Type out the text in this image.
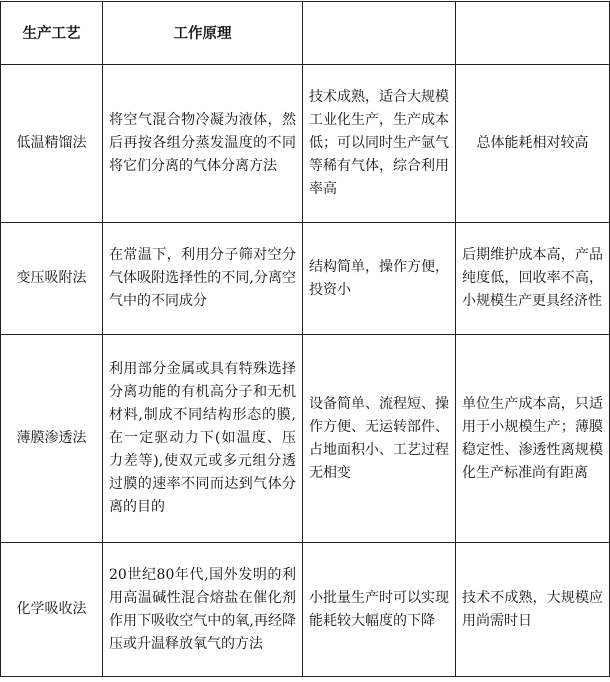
生产工艺	工作原理		
低温精馏法	将空气混合物冷凝为液体，然后再按各组分蒸发温度的不同将它们分离的气体分离方法	技术成熟，适合大规模工业化生产，生产成本低；可以同时生产氩气等稀有气体，综合利用率高	总体能耗相对较高
变压吸附法	在常温下，利用分子筛对空分气体吸附选择性的不同,分离空气中的不同成分	结构简单，操作方便，投资小	后期维护成本高，产品纯度低，回收率不高，小规模生产更具经济性
薄膜渗透法	利用部分金属或具有特殊选择分离功能的有机高分子和无机材料,制成不同结构形态的膜,在一定驱动力下(如温度、压力差等),使双元或多元组分透过膜的速率不同而达到气体分离的目的	设备简单、流程短、操作方便、无运转部件、占地面积小、工艺过程无相变	单位生产成本高，只适用于小规模生产；薄膜稳定性、渗透性离规模化生产标准尚有距离
化学吸收法	20世纪80年代,国外发明的利用高温碱性混合熔盐在催化剂作用下吸收空气中的氧,再经降压或升温释放氧气的方法	小批量生产时可以实现能耗较大幅度的下降	技术不成熟，大规模应用尚需时日
